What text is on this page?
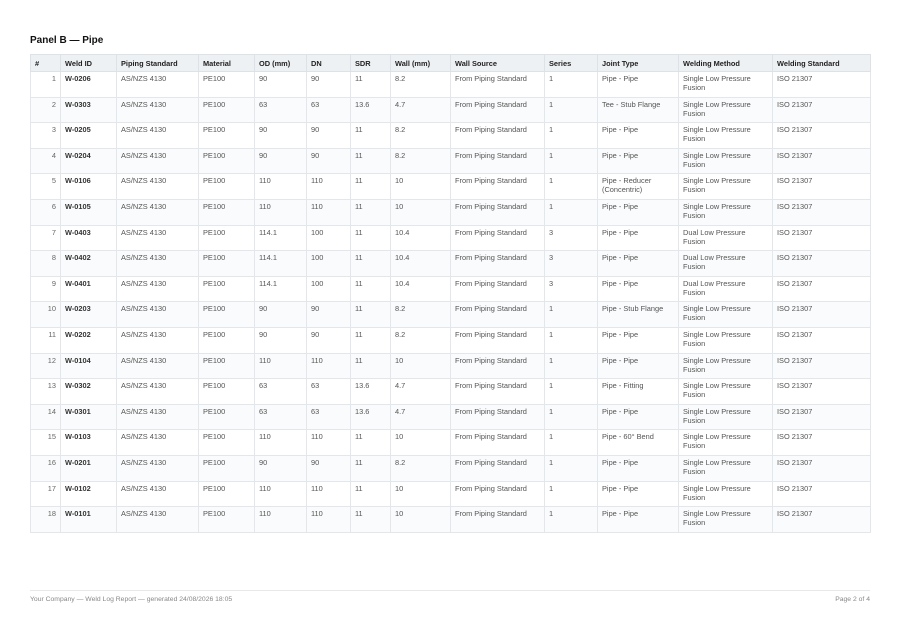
Panel B — Pipe
#	Weld ID	Piping Standard	Material	OD (mm)	DN	SDR	Wall (mm)	Wall Source	Series	Joint Type	Welding Method	Welding Standard
1	W-0206	AS/NZS 4130	PE100	90	90	11	8.2	From Piping Standard	1	Pipe - Pipe	Single Low Pressure Fusion	ISO 21307
2	W-0303	AS/NZS 4130	PE100	63	63	13.6	4.7	From Piping Standard	1	Tee - Stub Flange	Single Low Pressure Fusion	ISO 21307
3	W-0205	AS/NZS 4130	PE100	90	90	11	8.2	From Piping Standard	1	Pipe - Pipe	Single Low Pressure Fusion	ISO 21307
4	W-0204	AS/NZS 4130	PE100	90	90	11	8.2	From Piping Standard	1	Pipe - Pipe	Single Low Pressure Fusion	ISO 21307
5	W-0106	AS/NZS 4130	PE100	110	110	11	10	From Piping Standard	1	Pipe - Reducer (Concentric)	Single Low Pressure Fusion	ISO 21307
6	W-0105	AS/NZS 4130	PE100	110	110	11	10	From Piping Standard	1	Pipe - Pipe	Single Low Pressure Fusion	ISO 21307
7	W-0403	AS/NZS 4130	PE100	114.1	100	11	10.4	From Piping Standard	3	Pipe - Pipe	Dual Low Pressure Fusion	ISO 21307
8	W-0402	AS/NZS 4130	PE100	114.1	100	11	10.4	From Piping Standard	3	Pipe - Pipe	Dual Low Pressure Fusion	ISO 21307
9	W-0401	AS/NZS 4130	PE100	114.1	100	11	10.4	From Piping Standard	3	Pipe - Pipe	Dual Low Pressure Fusion	ISO 21307
10	W-0203	AS/NZS 4130	PE100	90	90	11	8.2	From Piping Standard	1	Pipe - Stub Flange	Single Low Pressure Fusion	ISO 21307
11	W-0202	AS/NZS 4130	PE100	90	90	11	8.2	From Piping Standard	1	Pipe - Pipe	Single Low Pressure Fusion	ISO 21307
12	W-0104	AS/NZS 4130	PE100	110	110	11	10	From Piping Standard	1	Pipe - Pipe	Single Low Pressure Fusion	ISO 21307
13	W-0302	AS/NZS 4130	PE100	63	63	13.6	4.7	From Piping Standard	1	Pipe - Fitting	Single Low Pressure Fusion	ISO 21307
14	W-0301	AS/NZS 4130	PE100	63	63	13.6	4.7	From Piping Standard	1	Pipe - Pipe	Single Low Pressure Fusion	ISO 21307
15	W-0103	AS/NZS 4130	PE100	110	110	11	10	From Piping Standard	1	Pipe - 60° Bend	Single Low Pressure Fusion	ISO 21307
16	W-0201	AS/NZS 4130	PE100	90	90	11	8.2	From Piping Standard	1	Pipe - Pipe	Single Low Pressure Fusion	ISO 21307
17	W-0102	AS/NZS 4130	PE100	110	110	11	10	From Piping Standard	1	Pipe - Pipe	Single Low Pressure Fusion	ISO 21307
18	W-0101	AS/NZS 4130	PE100	110	110	11	10	From Piping Standard	1	Pipe - Pipe	Single Low Pressure Fusion	ISO 21307
Your Company — Weld Log Report — generated 24/08/2026 18:05	Page 2 of 4
